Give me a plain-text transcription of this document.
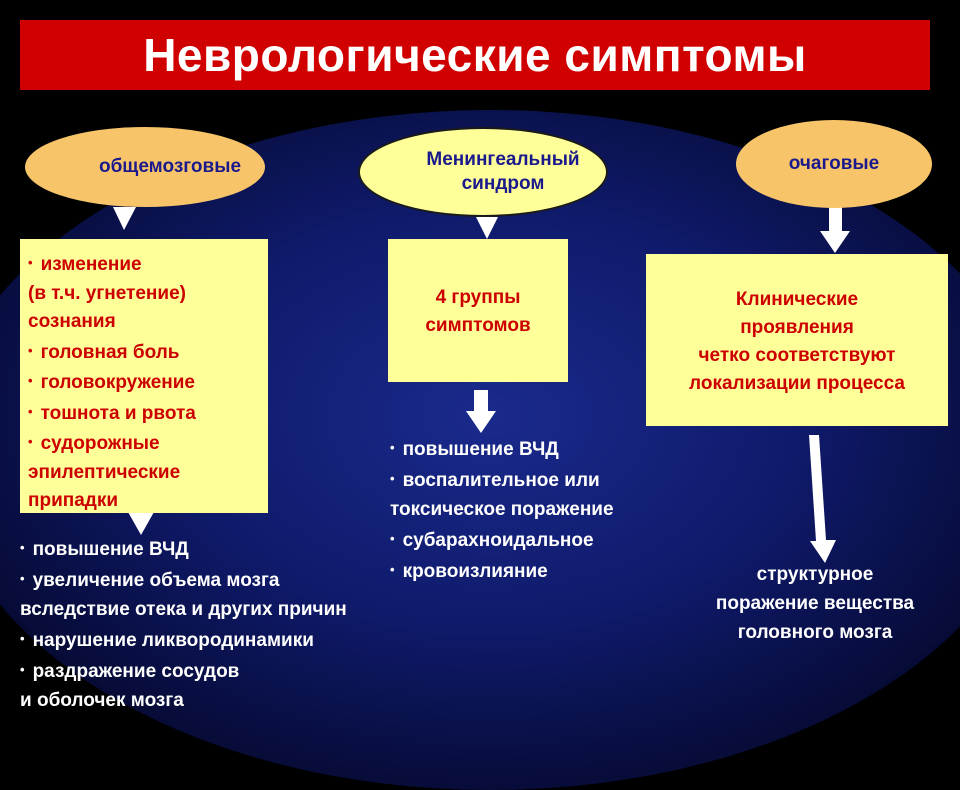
Неврологические симптомы
общемозговые	Менингеальный синдром
очаговые
• изменение
(в т.ч. угнетение)
сознания
• головная боль
• головокружение
• тошнота и рвота
• судорожные
эпилептические
припадки
4 группы
симптомов
Клинические
проявления
четко соответствуют
локализации процесса
• повышение ВЧД
• увеличение объема мозга
вследствие отека и других причин
• нарушение ликвородинамики
• раздражение сосудов
и оболочек мозга
• повышение ВЧД
• воспалительное или
токсическое поражение
• субарахноидальное
• кровоизлияние	структурное
поражение вещества
головного мозга
